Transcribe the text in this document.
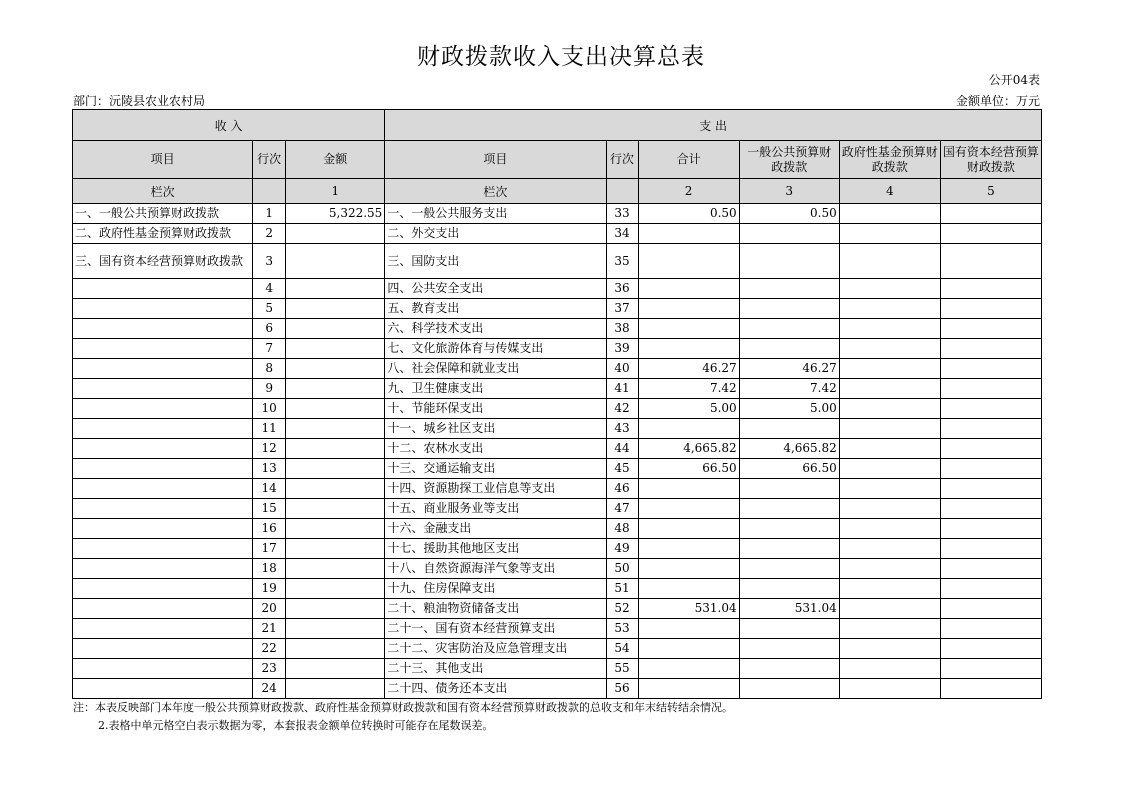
财政拨款收入支出决算总表
公开04表
部门：沅陵县农业农村局	金额单位：万元
收 入			支 出					
项目	行次	金额	项目	行次	合计	一般公共预算财政拨款	政府性基金预算财政拨款	国有资本经营预算财政拨款
栏次		1	栏次		2	3	4	5
一、一般公共预算财政拨款	1	5,322.55	一、一般公共服务支出	33	0.50	0.50		
二、政府性基金预算财政拨款	2		二、外交支出	34				
三、国有资本经营预算财政拨款	3		三、国防支出	35				
	4		四、公共安全支出	36				
	5		五、教育支出	37				
	6		六、科学技术支出	38				
	7		七、文化旅游体育与传媒支出	39				
	8		八、社会保障和就业支出	40	46.27	46.27		
	9		九、卫生健康支出	41	7.42	7.42		
	10		十、节能环保支出	42	5.00	5.00		
	11		十一、城乡社区支出	43				
	12		十二、农林水支出	44	4,665.82	4,665.82		
	13		十三、交通运输支出	45	66.50	66.50		
	14		十四、资源勘探工业信息等支出	46				
	15		十五、商业服务业等支出	47				
	16		十六、金融支出	48				
	17		十七、援助其他地区支出	49				
	18		十八、自然资源海洋气象等支出	50				
	19		十九、住房保障支出	51				
	20		二十、粮油物资储备支出	52	531.04	531.04		
	21		二十一、国有资本经营预算支出	53				
	22		二十二、灾害防治及应急管理支出	54				
	23		二十三、其他支出	55				
	24		二十四、债务还本支出	56				
注：本表反映部门本年度一般公共预算财政拨款、政府性基金预算财政拨款和国有资本经营预算财政拨款的总收支和年末结转结余情况。
2.表格中单元格空白表示数据为零，本套报表金额单位转换时可能存在尾数误差。
